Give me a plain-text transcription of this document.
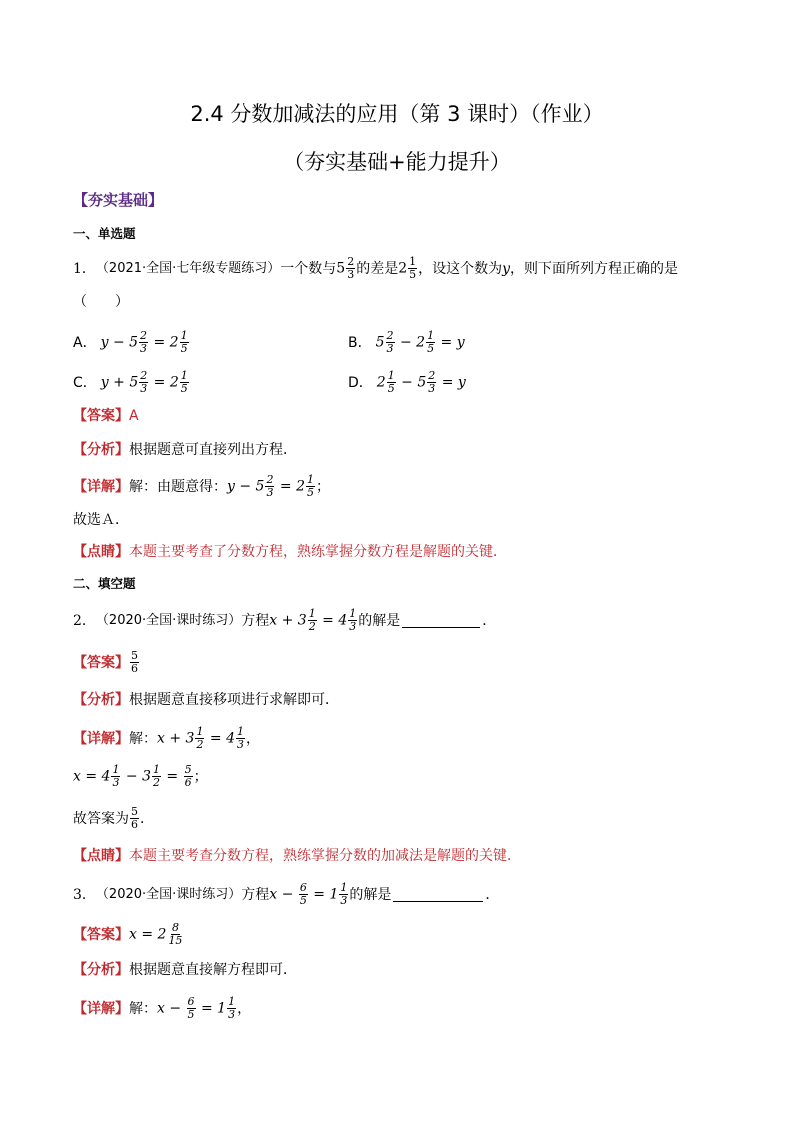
2.4 分数加减法的应用（第 3 课时）（作业）
（夯实基础+能力提升）
【夯实基础】
一、单选题
1． （2021·全国·七年级专题练习） 一个数与 $5 \frac{2}{3}$ 的差是 $2 \frac{1}{5}$ ，设这个数为 y ，则下面所列方程正确的是
（　　）
A． $y - 5 \frac{2}{3} = 2 \frac{1}{5}$	B． $5 \frac{2}{3} - 2 \frac{1}{5} = y$
C． $y + 5 \frac{2}{3} = 2 \frac{1}{5}$	D． $2 \frac{1}{5} - 5 \frac{2}{3} = y$
【答案】 A
【分析】 根据题意可直接列出方程．
【详解】 解：由题意得： $y - 5 \frac{2}{3} = 2 \frac{1}{5}$ ；
故选Ａ．
【点睛】 本题主要考查了分数方程，熟练掌握分数方程是解题的关键．
二、填空题
2． （2020·全国·课时练习） 方程 $x + 3 \frac{1}{2} = 4 \frac{1}{3}$ 的解是	．
【答案】 $\frac{5}{6}$
【分析】 根据题意直接移项进行求解即可．
【详解】 解： $x + 3 \frac{1}{2} = 4 \frac{1}{3}$ ，
$x = 4 \frac{1}{3} - 3 \frac{1}{2} = \frac{5}{6}$ ；
故答案为 $\frac{5}{6}$ ．
【点睛】 本题主要考查分数方程，熟练掌握分数的加减法是解题的关键．
3． （2020·全国·课时练习） 方程 $x - \frac{6}{5} = 1 \frac{1}{3}$ 的解是	．
【答案】 $x = 2 \frac{8}{15}$
【分析】 根据题意直接解方程即可．
【详解】 解： $x - \frac{6}{5} = 1 \frac{1}{3}$ ，
